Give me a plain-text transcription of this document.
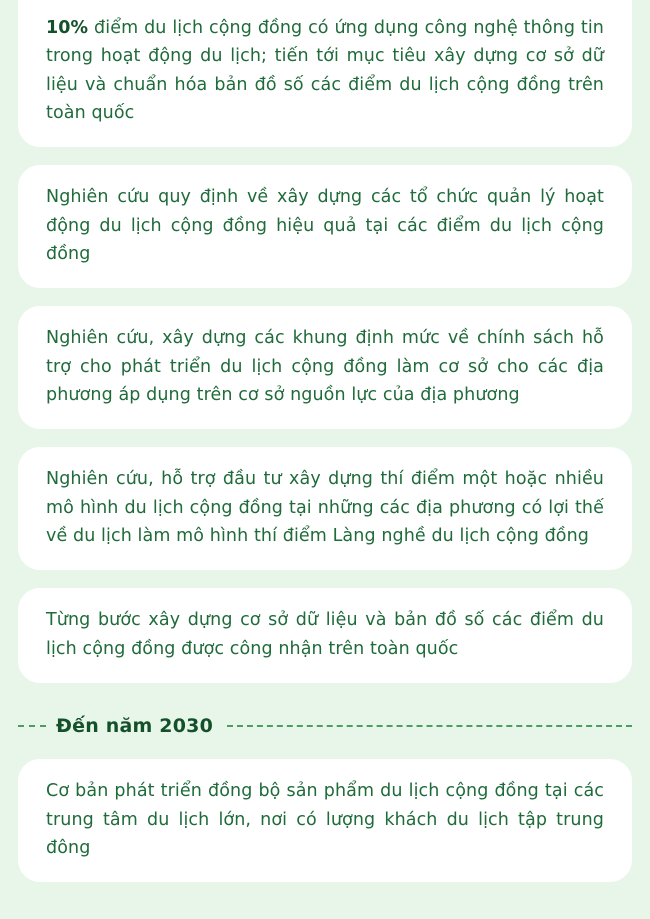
10% điểm du lịch cộng đồng có ứng dụng công nghệ thông tin trong hoạt động du lịch; tiến tới mục tiêu xây dựng cơ sở dữ liệu và chuẩn hóa bản đồ số các điểm du lịch cộng đồng trên toàn quốc

Nghiên cứu quy định về xây dựng các tổ chức quản lý hoạt động du lịch cộng đồng hiệu quả tại các điểm du lịch cộng đồng

Nghiên cứu, xây dựng các khung định mức về chính sách hỗ trợ cho phát triển du lịch cộng đồng làm cơ sở cho các địa phương áp dụng trên cơ sở nguồn lực của địa phương

Nghiên cứu, hỗ trợ đầu tư xây dựng thí điểm một hoặc nhiều mô hình du lịch cộng đồng tại những các địa phương có lợi thế về du lịch làm mô hình thí điểm Làng nghề du lịch cộng đồng

Từng bước xây dựng cơ sở dữ liệu và bản đồ số các điểm du lịch cộng đồng được công nhận trên toàn quốc

Đến năm 2030

Cơ bản phát triển đồng bộ sản phẩm du lịch cộng đồng tại các trung tâm du lịch lớn, nơi có lượng khách du lịch tập trung đông
